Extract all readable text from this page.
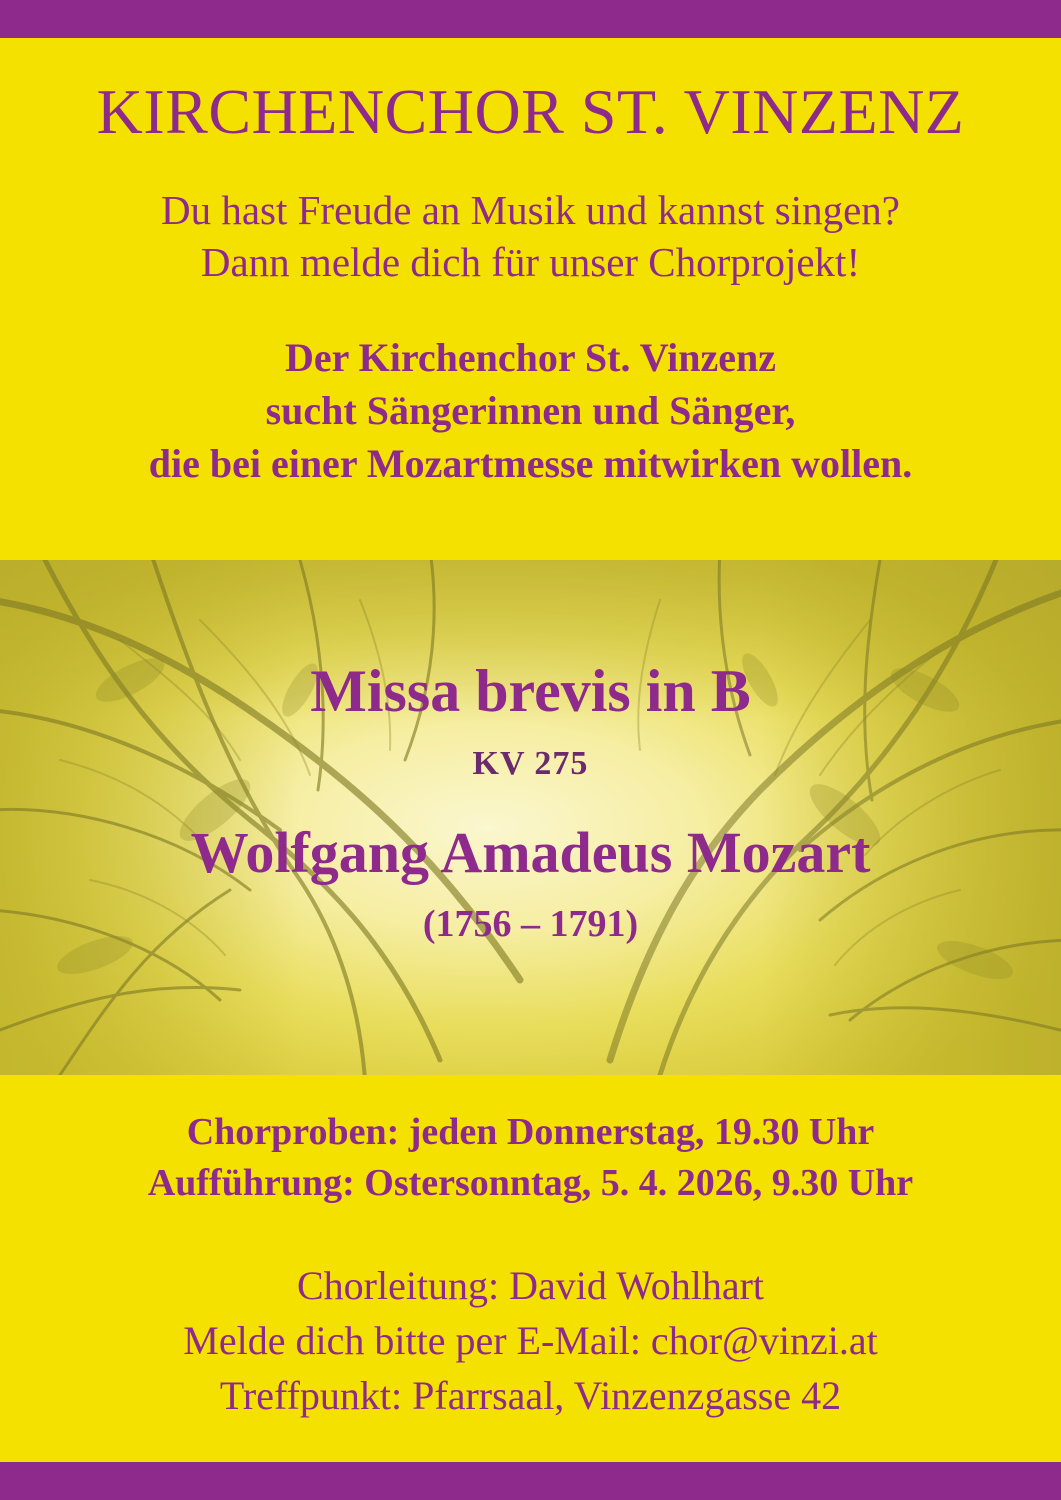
KIRCHENCHOR ST. VINZENZ

Du hast Freude an Musik und kannst singen?
Dann melde dich für unser Chorprojekt!

Der Kirchenchor St. Vinzenz
sucht Sängerinnen und Sänger,
die bei einer Mozartmesse mitwirken wollen.

Missa brevis in B

KV 275

Wolfgang Amadeus Mozart

(1756 – 1791)

Chorproben: jeden Donnerstag, 19.30 Uhr
Aufführung: Ostersonntag, 5. 4. 2026, 9.30 Uhr

Chorleitung: David Wohlhart
Melde dich bitte per E-Mail: chor@vinzi.at
Treffpunkt: Pfarrsaal, Vinzenzgasse 42
